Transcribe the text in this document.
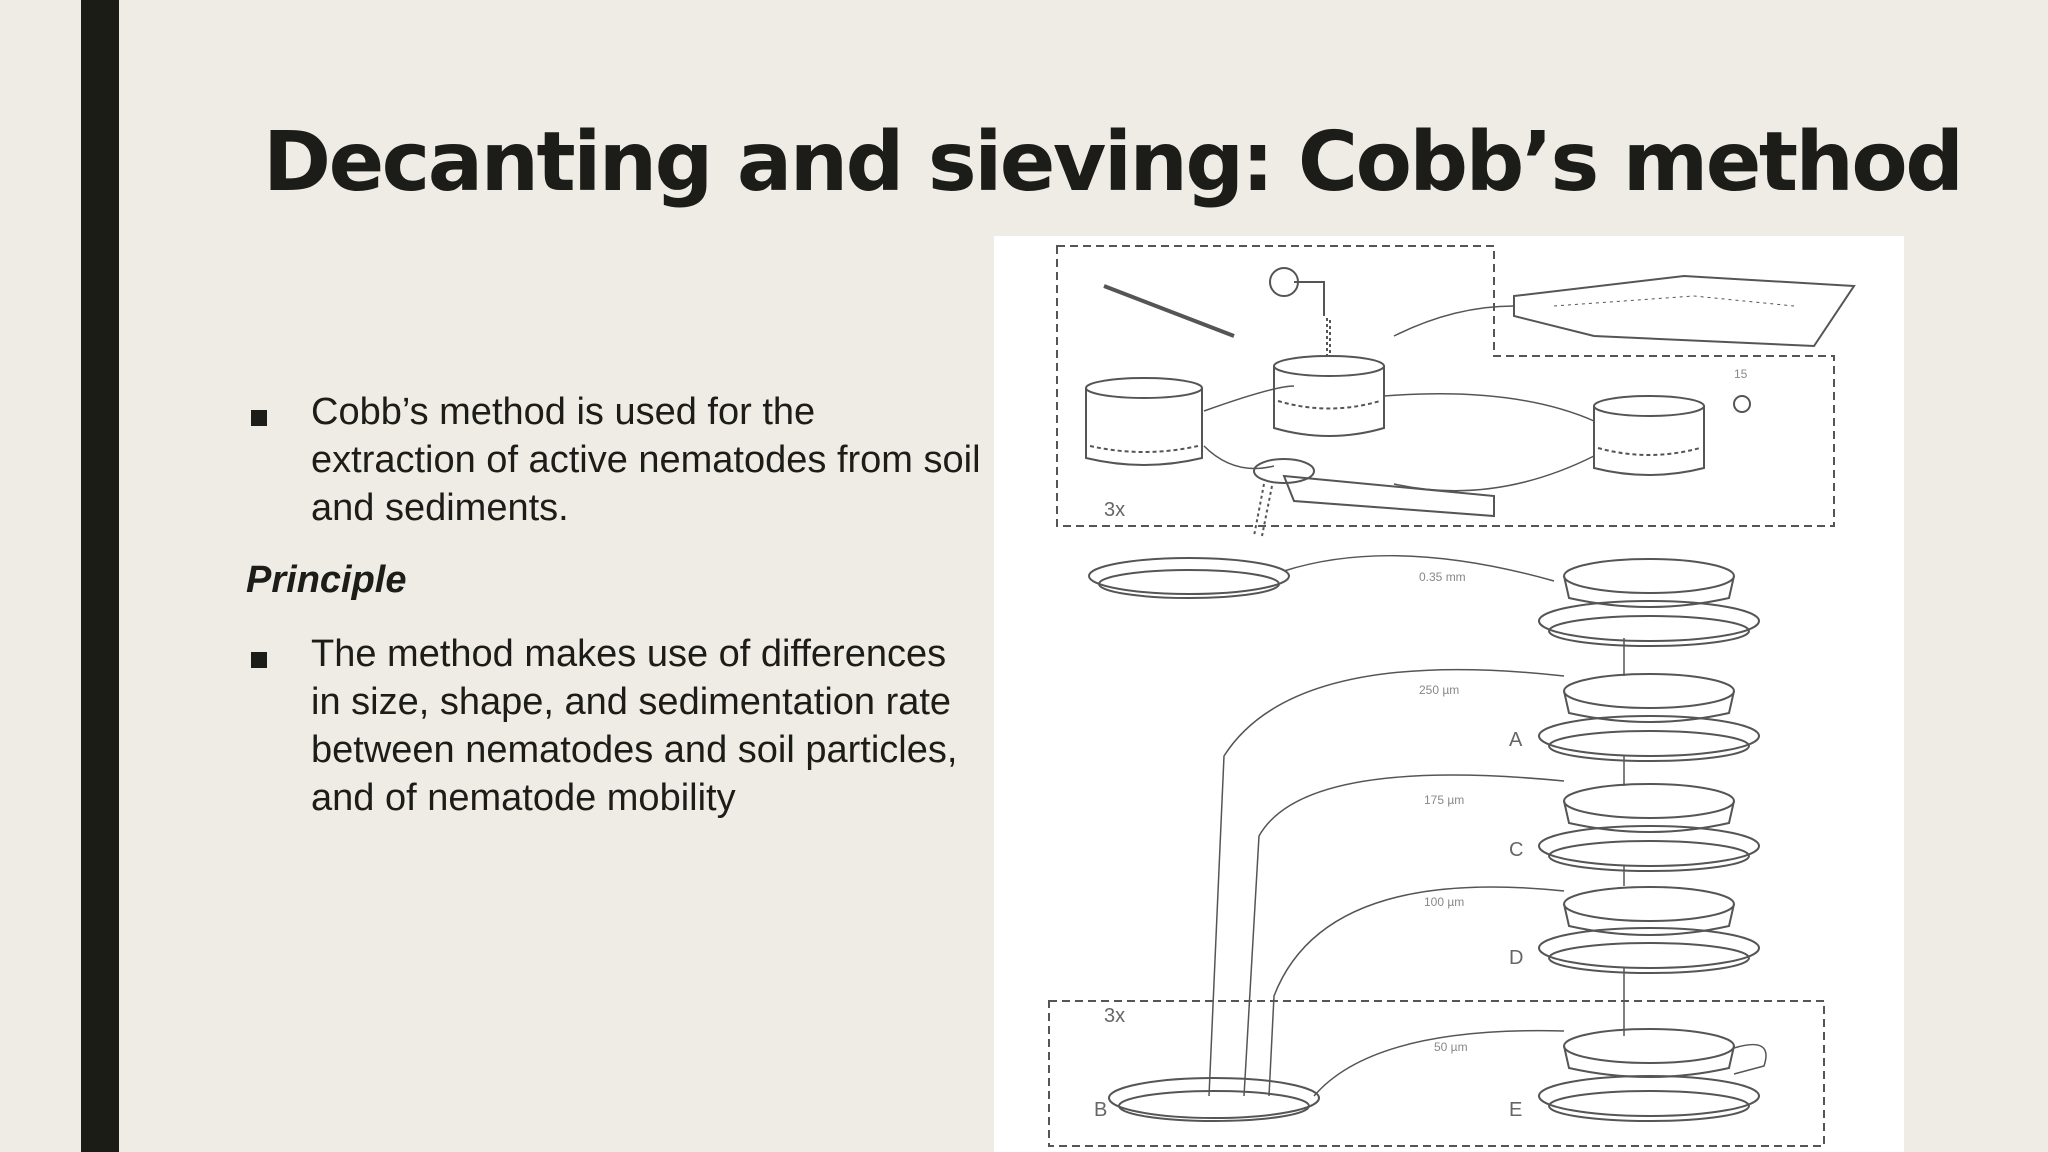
Decanting and sieving: Cobb’s method
Cobb’s method is used for the extraction of active nematodes from soil and sediments.
Principle
The method makes use of differences in size, shape, and sedimentation rate between nematodes and soil particles, and of nematode mobility
3x
15
0.35 mm
250 µm
175 µm
100 µm
50 µm
A
C
D
3x
B	E
